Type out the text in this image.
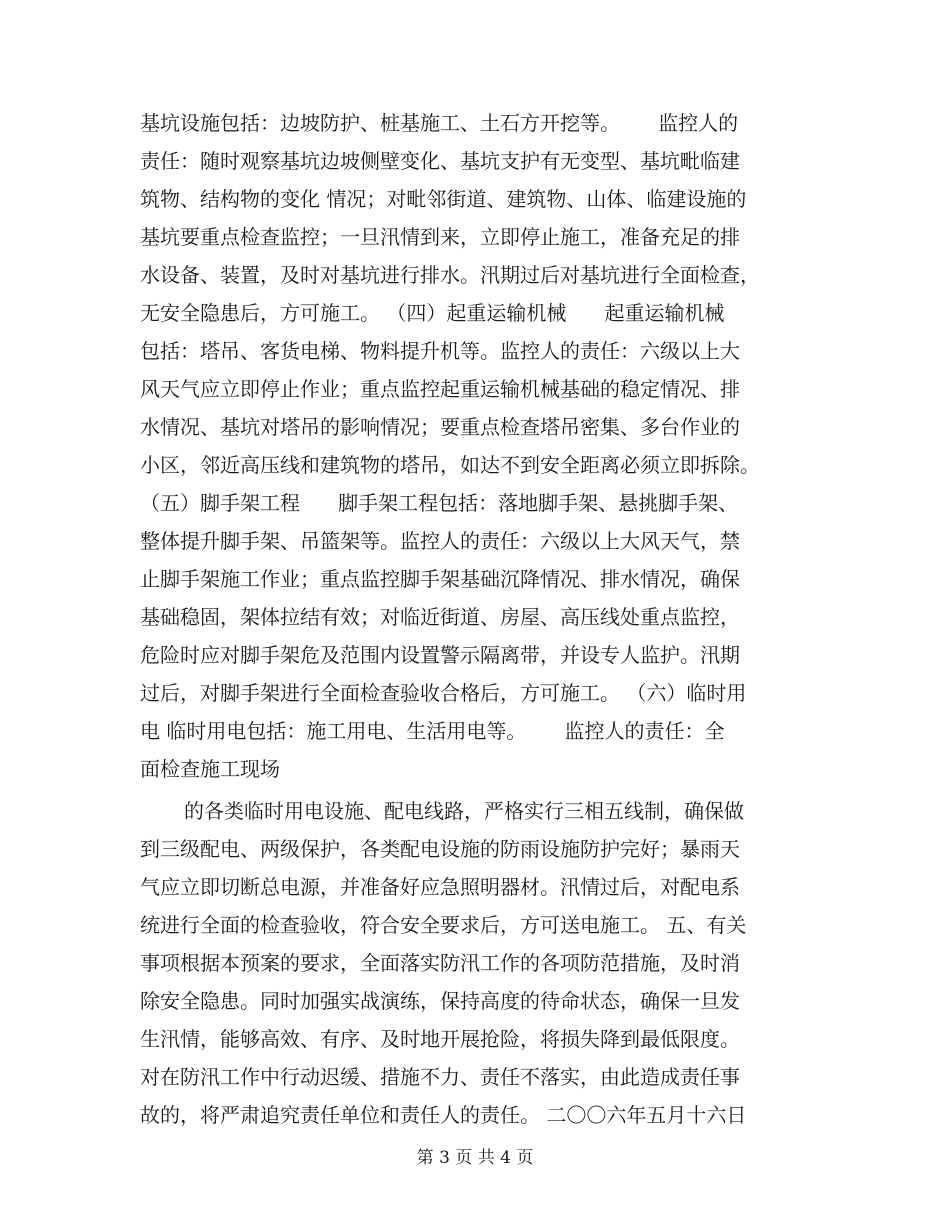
基坑设施包括：边坡防护、桩基施工、土石方开挖等。      监控人的
责任：随时观察基坑边坡侧壁变化、基坑支护有无变型、基坑毗临建
筑物、结构物的变化 情况；对毗邻街道、建筑物、山体、临建设施的
基坑要重点检查监控；一旦汛情到来，立即停止施工，准备充足的排
水设备、装置，及时对基坑进行排水。汛期过后对基坑进行全面检查，
无安全隐患后，方可施工。 （四）起重运输机械      起重运输机械
包括：塔吊、客货电梯、物料提升机等。监控人的责任：六级以上大
风天气应立即停止作业；重点监控起重运输机械基础的稳定情况、排
水情况、基坑对塔吊的影响情况；要重点检查塔吊密集、多台作业的
小区，邻近高压线和建筑物的塔吊，如达不到安全距离必须立即拆除。
（五）脚手架工程      脚手架工程包括：落地脚手架、悬挑脚手架、
整体提升脚手架、吊篮架等。监控人的责任：六级以上大风天气，禁
止脚手架施工作业；重点监控脚手架基础沉降情况、排水情况，确保
基础稳固，架体拉结有效；对临近街道、房屋、高压线处重点监控，
危险时应对脚手架危及范围内设置警示隔离带，并设专人监护。汛期
过后，对脚手架进行全面检查验收合格后，方可施工。 （六）临时用
电 临时用电包括：施工用电、生活用电等。      监控人的责任：全
面检查施工现场
的各类临时用电设施、配电线路，严格实行三相五线制，确保做
到三级配电、两级保护，各类配电设施的防雨设施防护完好；暴雨天
气应立即切断总电源，并准备好应急照明器材。汛情过后，对配电系
统进行全面的检查验收，符合安全要求后，方可送电施工。 五、有关
事项根据本预案的要求，全面落实防汛工作的各项防范措施，及时消
除安全隐患。同时加强实战演练，保持高度的待命状态，确保一旦发
生汛情，能够高效、有序、及时地开展抢险，将损失降到最低限度。
对在防汛工作中行动迟缓、措施不力、责任不落实，由此造成责任事
故的，将严肃追究责任单位和责任人的责任。 二〇〇六年五月十六日
第 3 页 共 4 页
